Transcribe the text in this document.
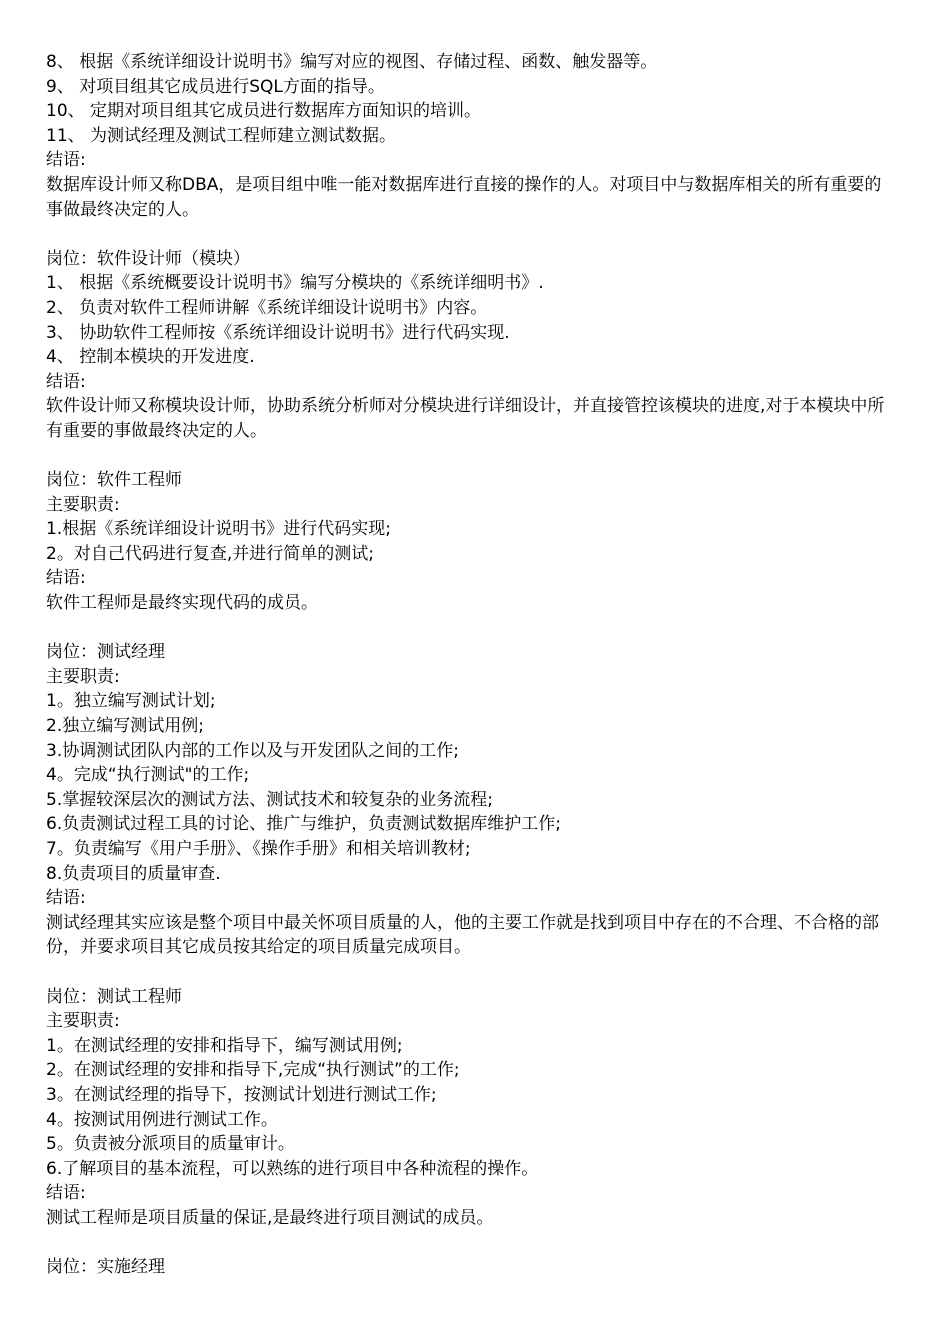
8、 根据《系统详细设计说明书》编写对应的视图、存储过程、函数、触发器等。
9、 对项目组其它成员进行SQL方面的指导。
10、 定期对项目组其它成员进行数据库方面知识的培训。
11、 为测试经理及测试工程师建立测试数据。
结语:
数据库设计师又称DBA，是项目组中唯一能对数据库进行直接的操作的人。对项目中与数据库相关的所有重要的事做最终决定的人。
岗位：软件设计师（模块）
1、 根据《系统概要设计说明书》编写分模块的《系统详细明书》.
2、 负责对软件工程师讲解《系统详细设计说明书》内容。
3、 协助软件工程师按《系统详细设计说明书》进行代码实现.
4、 控制本模块的开发进度.
结语:
软件设计师又称模块设计师，协助系统分析师对分模块进行详细设计，并直接管控该模块的进度,对于本模块中所有重要的事做最终决定的人。
岗位：软件工程师
主要职责:
1.根据《系统详细设计说明书》进行代码实现;
2。对自己代码进行复查,并进行简单的测试;
结语:
软件工程师是最终实现代码的成员。
岗位：测试经理
主要职责:
1。独立编写测试计划;
2.独立编写测试用例;
3.协调测试团队内部的工作以及与开发团队之间的工作;
4。完成“执行测试"的工作;
5.掌握较深层次的测试方法、测试技术和较复杂的业务流程;
6.负责测试过程工具的讨论、推广与维护，负责测试数据库维护工作;
7。负责编写《用户手册》、《操作手册》和相关培训教材;
8.负责项目的质量审查.
结语:
测试经理其实应该是整个项目中最关怀项目质量的人，他的主要工作就是找到项目中存在的不合理、不合格的部份，并要求项目其它成员按其给定的项目质量完成项目。
岗位：测试工程师
主要职责:
1。在测试经理的安排和指导下，编写测试用例;
2。在测试经理的安排和指导下,完成“执行测试”的工作;
3。在测试经理的指导下，按测试计划进行测试工作;
4。按测试用例进行测试工作。
5。负责被分派项目的质量审计。
6.了解项目的基本流程，可以熟练的进行项目中各种流程的操作。
结语:
测试工程师是项目质量的保证,是最终进行项目测试的成员。
岗位：实施经理
